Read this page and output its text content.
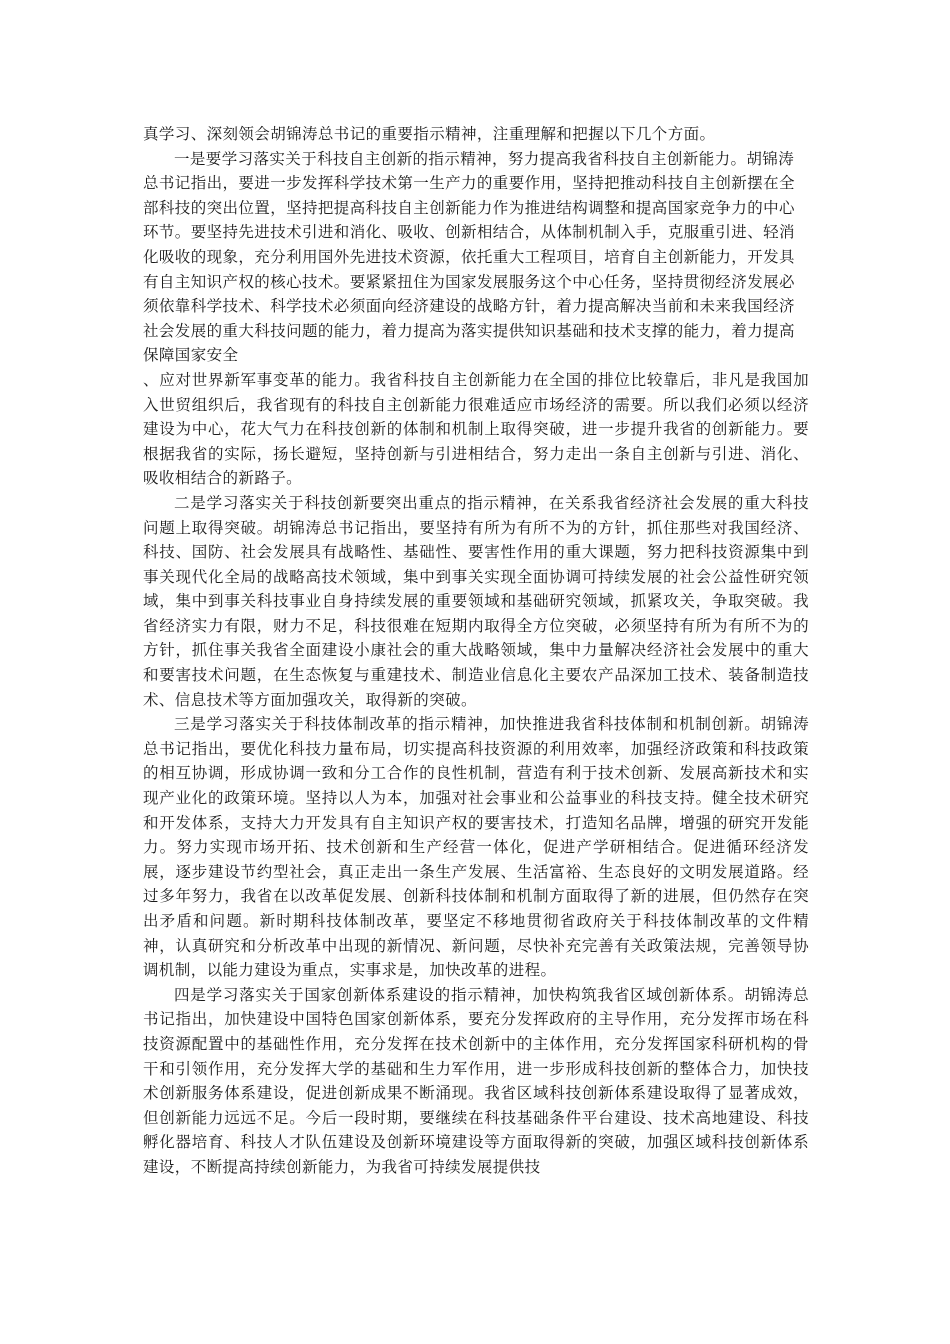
真学习、深刻领会胡锦涛总书记的重要指示精神，注重理解和把握以下几个方面。

一是要学习落实关于科技自主创新的指示精神，努力提高我省科技自主创新能力。胡锦涛总书记指出，要进一步发挥科学技术第一生产力的重要作用，坚持把推动科技自主创新摆在全部科技的突出位置，坚持把提高科技自主创新能力作为推进结构调整和提高国家竞争力的中心环节。要坚持先进技术引进和消化、吸收、创新相结合，从体制机制入手，克服重引进、轻消化吸收的现象，充分利用国外先进技术资源，依托重大工程项目，培育自主创新能力，开发具有自主知识产权的核心技术。要紧紧扭住为国家发展服务这个中心任务，坚持贯彻经济发展必须依靠科学技术、科学技术必须面向经济建设的战略方针，着力提高解决当前和未来我国经济社会发展的重大科技问题的能力，着力提高为落实提供知识基础和技术支撑的能力，着力提高保障国家安全

、应对世界新军事变革的能力。我省科技自主创新能力在全国的排位比较靠后，非凡是我国加入世贸组织后，我省现有的科技自主创新能力很难适应市场经济的需要。所以我们必须以经济建设为中心，花大气力在科技创新的体制和机制上取得突破，进一步提升我省的创新能力。要根据我省的实际，扬长避短，坚持创新与引进相结合，努力走出一条自主创新与引进、消化、吸收相结合的新路子。

二是学习落实关于科技创新要突出重点的指示精神，在关系我省经济社会发展的重大科技问题上取得突破。胡锦涛总书记指出，要坚持有所为有所不为的方针，抓住那些对我国经济、科技、国防、社会发展具有战略性、基础性、要害性作用的重大课题，努力把科技资源集中到事关现代化全局的战略高技术领域，集中到事关实现全面协调可持续发展的社会公益性研究领域，集中到事关科技事业自身持续发展的重要领域和基础研究领域，抓紧攻关，争取突破。我省经济实力有限，财力不足，科技很难在短期内取得全方位突破，必须坚持有所为有所不为的方针，抓住事关我省全面建设小康社会的重大战略领域，集中力量解决经济社会发展中的重大和要害技术问题，在生态恢复与重建技术、制造业信息化主要农产品深加工技术、装备制造技术、信息技术等方面加强攻关，取得新的突破。

三是学习落实关于科技体制改革的指示精神，加快推进我省科技体制和机制创新。胡锦涛总书记指出，要优化科技力量布局，切实提高科技资源的利用效率，加强经济政策和科技政策的相互协调，形成协调一致和分工合作的良性机制，营造有利于技术创新、发展高新技术和实现产业化的政策环境。坚持以人为本，加强对社会事业和公益事业的科技支持。健全技术研究和开发体系，支持大力开发具有自主知识产权的要害技术，打造知名品牌，增强的研究开发能力。努力实现市场开拓、技术创新和生产经营一体化，促进产学研相结合。促进循环经济发展，逐步建设节约型社会，真正走出一条生产发展、生活富裕、生态良好的文明发展道路。经过多年努力，我省在以改革促发展、创新科技体制和机制方面取得了新的进展，但仍然存在突出矛盾和问题。新时期科技体制改革，要坚定不移地贯彻省政府关于科技体制改革的文件精神，认真研究和分析改革中出现的新情况、新问题，尽快补充完善有关政策法规，完善领导协调机制，以能力建设为重点，实事求是，加快改革的进程。

四是学习落实关于国家创新体系建设的指示精神，加快构筑我省区域创新体系。胡锦涛总书记指出，加快建设中国特色国家创新体系，要充分发挥政府的主导作用，充分发挥市场在科技资源配置中的基础性作用，充分发挥在技术创新中的主体作用，充分发挥国家科研机构的骨干和引领作用，充分发挥大学的基础和生力军作用，进一步形成科技创新的整体合力，加快技术创新服务体系建设，促进创新成果不断涌现。我省区域科技创新体系建设取得了显著成效，但创新能力远远不足。今后一段时期，要继续在科技基础条件平台建设、技术高地建设、科技孵化器培育、科技人才队伍建设及创新环境建设等方面取得新的突破，加强区域科技创新体系建设，不断提高持续创新能力，为我省可持续发展提供技
